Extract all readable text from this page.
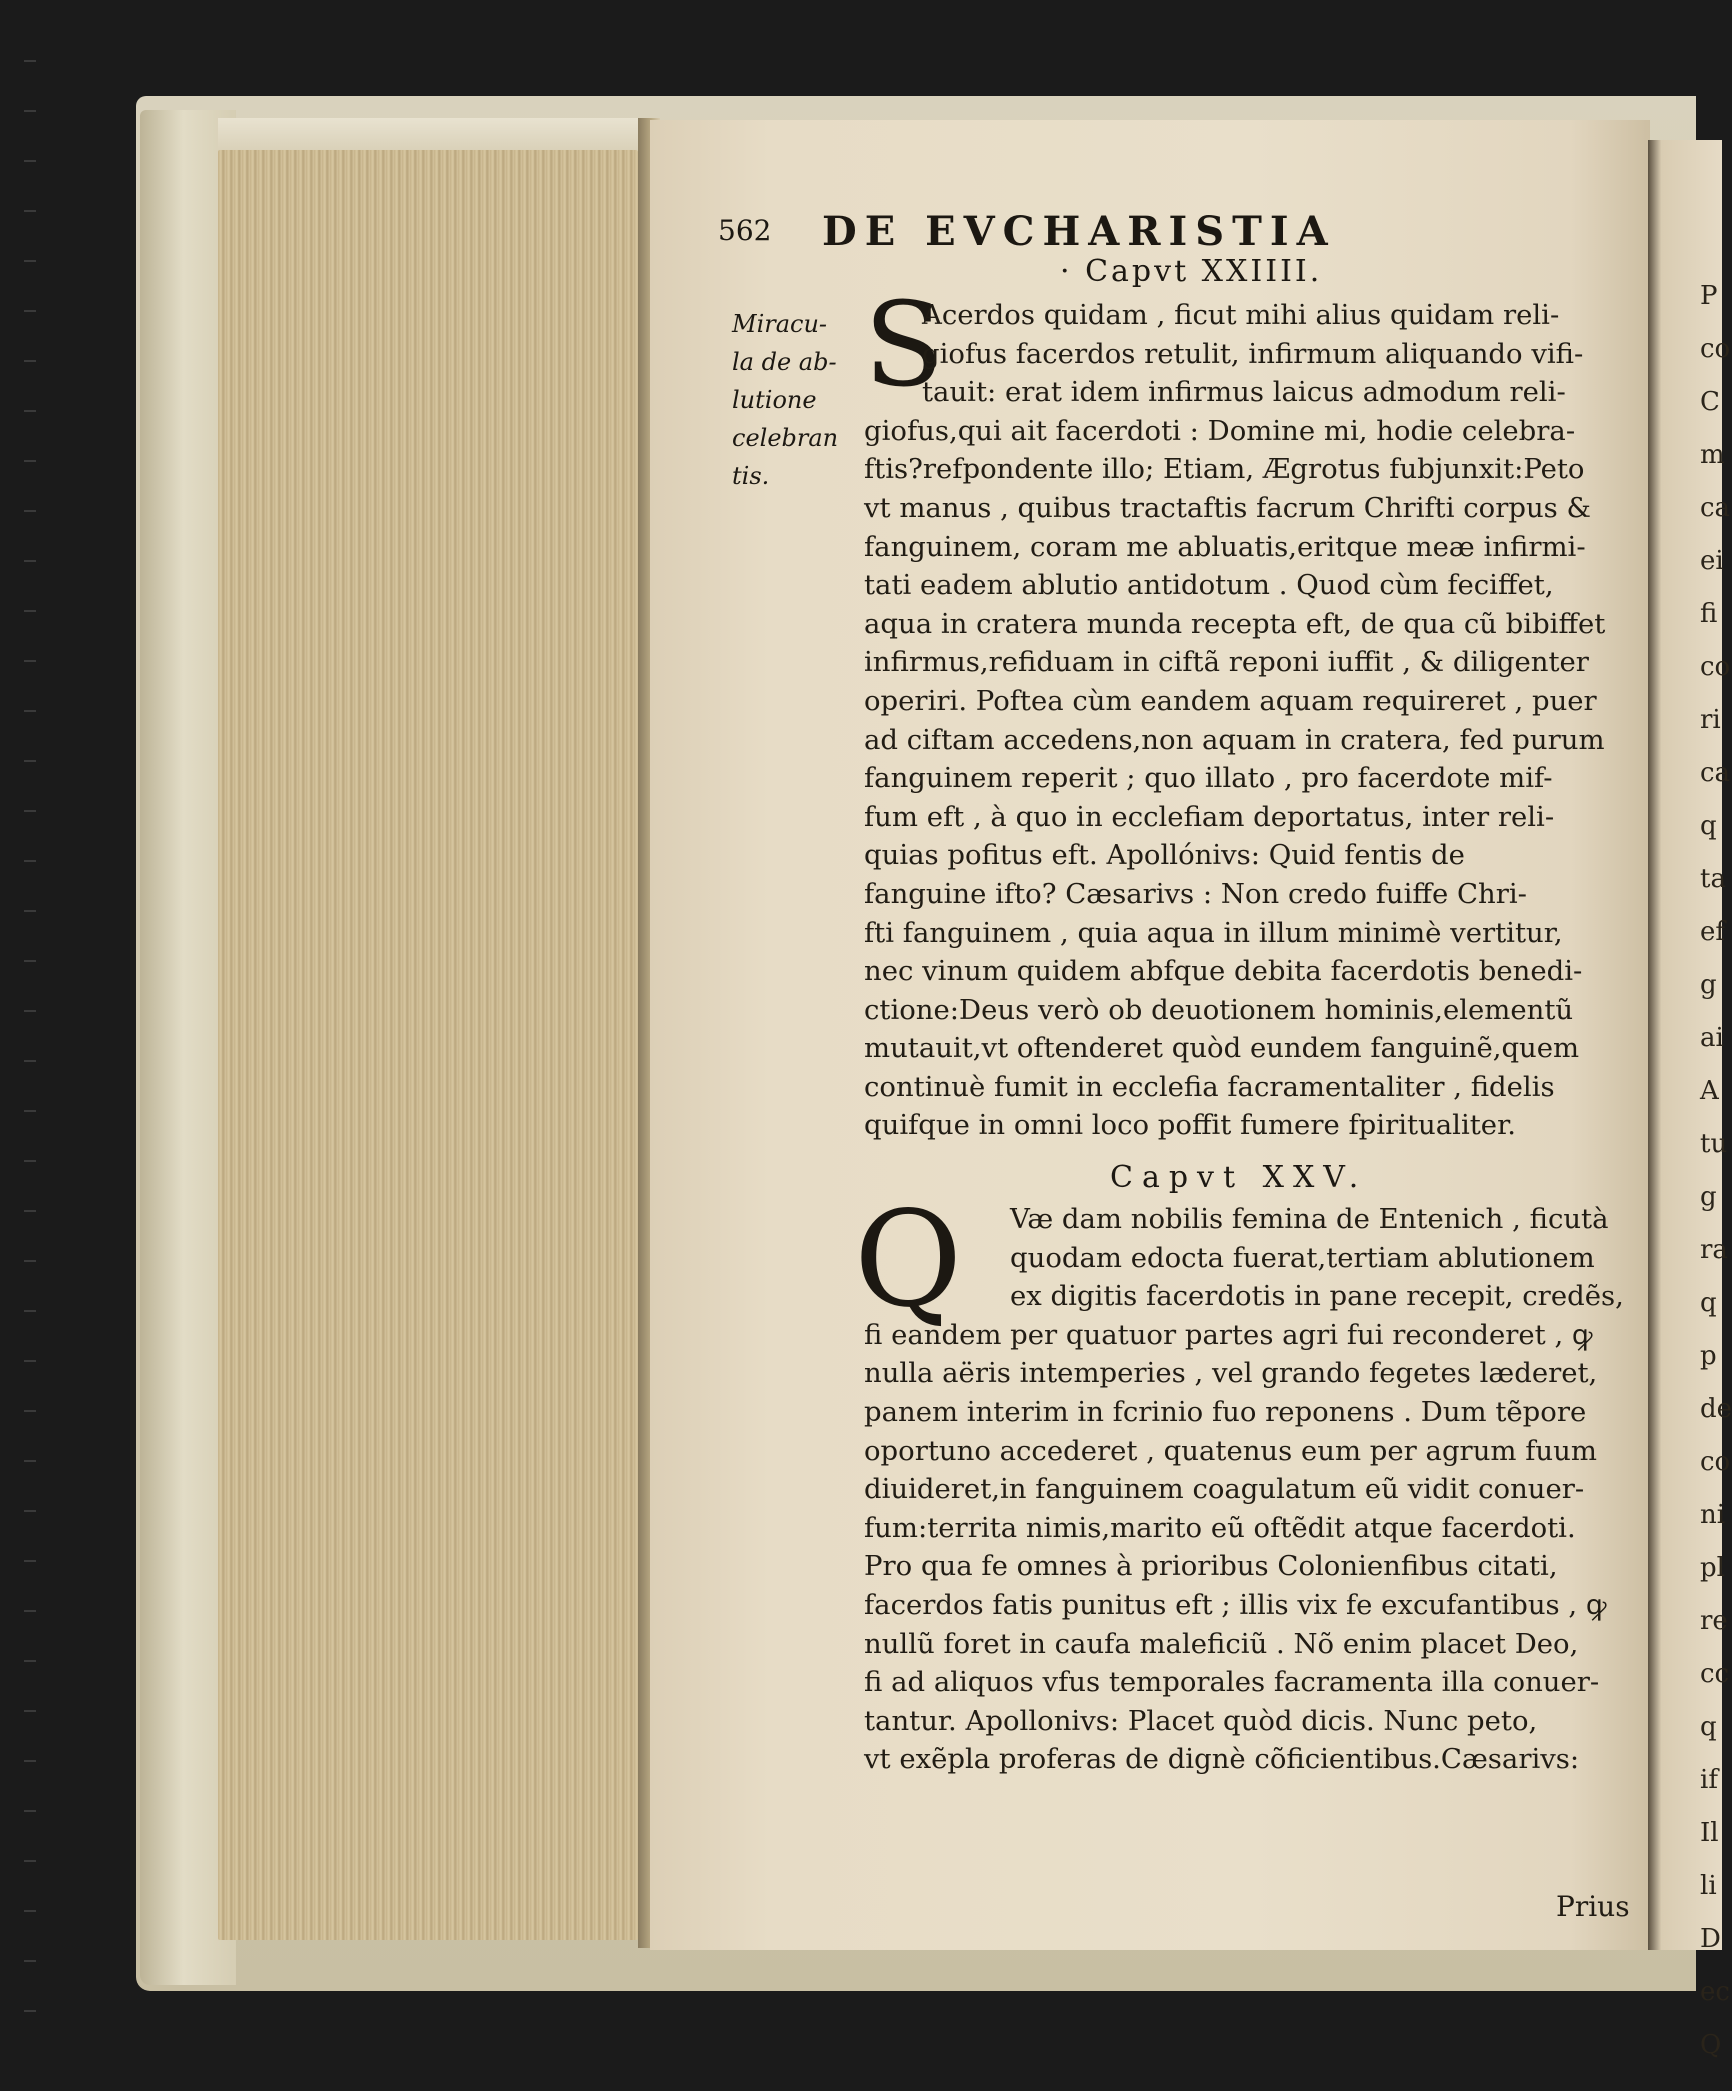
562 DE EVCHARISTIA
Miracu-
la de ab-
lutione
celebran
tis.
· Capvt XXIIII.
S
Acerdos quidam , ficut mihi alius quidam reli-
giofus facerdos retulit, infirmum aliquando vifi-
tauit: erat idem infirmus laicus admodum reli-
giofus,qui ait facerdoti : Domine mi, hodie celebra-
ftis?refpondente illo; Etiam, Ægrotus fubjunxit:Peto
vt manus , quibus tractaftis facrum Chrifti corpus &
fanguinem, coram me abluatis,eritque meæ infirmi-
tati eadem ablutio antidotum . Quod cùm feciffet,
aqua in cratera munda recepta eft, de qua cũ bibiffet
infirmus,refiduam in ciftã reponi iuffit , & diligenter
operiri. Poftea cùm eandem aquam requireret , puer
ad ciftam accedens,non aquam in cratera, fed purum
fanguinem reperit ; quo illato , pro facerdote mif-
fum eft , à quo in ecclefiam deportatus, inter reli-
quias pofitus eft. Apollónivs: Quid fentis de
fanguine ifto? Cæsarivs : Non credo fuiffe Chri-
fti fanguinem , quia aqua in illum minimè vertitur,
nec vinum quidem abfque debita facerdotis benedi-
ctione:Deus verò ob deuotionem hominis,elementũ
mutauit,vt oftenderet quòd eundem fanguinẽ,quem
continuè fumit in ecclefia facramentaliter , fidelis
quifque in omni loco poffit fumere fpiritualiter.
Capvt XXV.
Q	Væ dam nobilis femina de Entenich , ficutà
quodam edocta fuerat,tertiam ablutionem
ex digitis facerdotis in pane recepit, credẽs,
fi eandem per quatuor partes agri fui reconderet , ꝙ
nulla aëris intemperies , vel grando fegetes læderet,
panem interim in fcrinio fuo reponens . Dum tẽpore
oportuno accederet , quatenus eum per agrum fuum
diuideret,in fanguinem coagulatum eũ vidit conuer-
fum:territa nimis,marito eũ oftẽdit atque facerdoti.
Pro qua fe omnes à prioribus Colonienfibus citati,
facerdos fatis punitus eft ; illis vix fe excufantibus , ꝙ
nullũ foret in caufa maleficiũ . Nõ enim placet Deo,
fi ad aliquos vfus temporales facramenta illa conuer-
tantur. Apollonivs: Placet quòd dicis. Nunc peto,
vt exẽpla proferas de dignè cõficientibus.Cæsarivs:

Prius

P
co
C
m
ca
ei
fi
co
ri
ca
q
ta
ef
g
ai
A
tu
g
ra
q
p
de
co
ni
pl
re
cc
q
if
Il
li
D
ec
Q
